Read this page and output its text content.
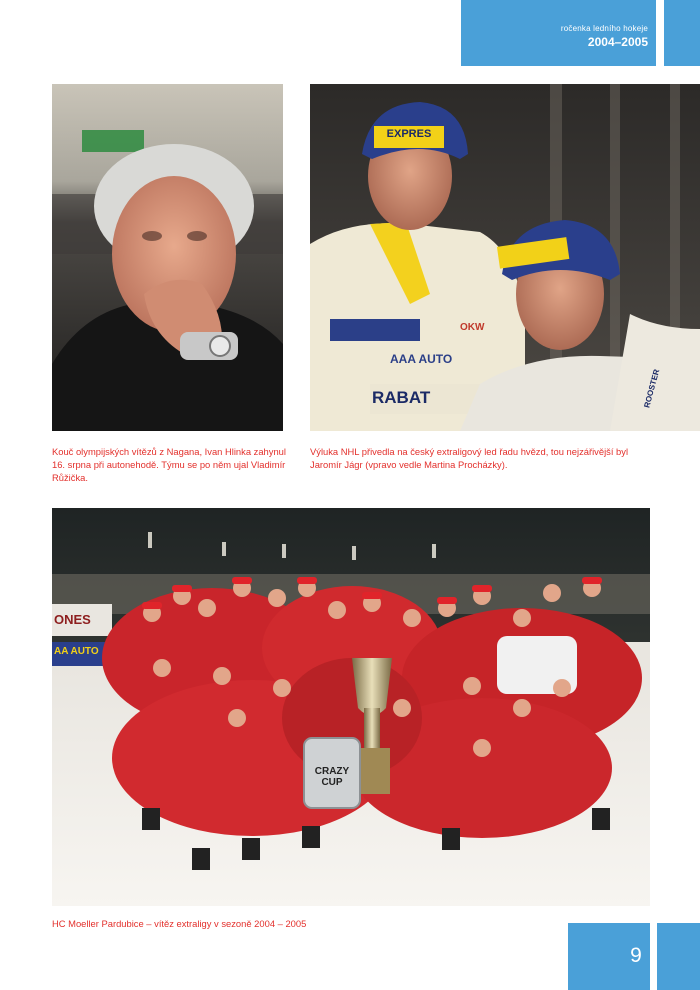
ročenka ledního hokeje
2004–2005
EXPRES
AAA AUTO
RABAT
OKW
ROOSTER
Kouč olympijských vítězů z Nagana, Ivan Hlinka zahynul 16. srpna při autonehodě. Týmu se po něm ujal Vladimír Růžička.
Výluka NHL přivedla na český extraligový led řadu hvězd, tou nejzářivější byl Jaromír Jágr (vpravo vedle Martina Procházky).
ONES
AA AUTO
CRAZY CUP
HC Moeller Pardubice – vítěz extraligy v sezoně 2004 – 2005
9
